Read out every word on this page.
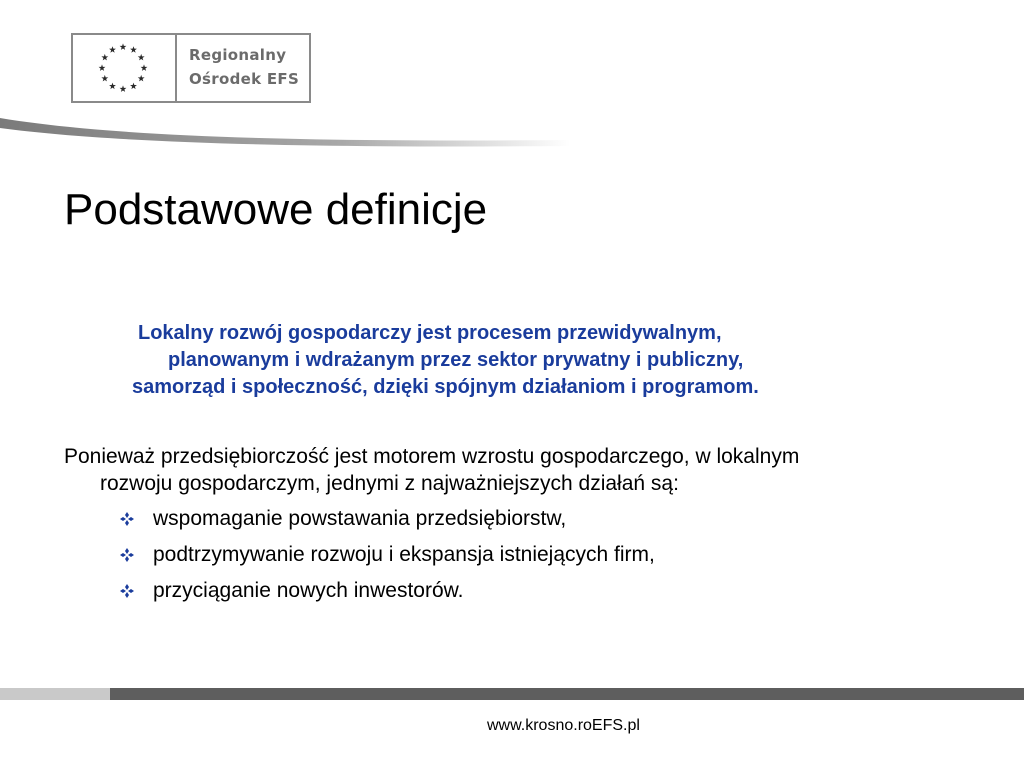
Regionalny
Ośrodek EFS
Podstawowe definicje

Lokalny rozwój gospodarczy jest procesem przewidywalnym,
planowanym i wdrażanym przez sektor prywatny i publiczny,
samorząd i społeczność, dzięki spójnym działaniom i programom.

Ponieważ przedsiębiorczość jest motorem wzrostu gospodarczego, w lokalnym
rozwoju gospodarczym, jednymi z najważniejszych działań są:

wspomaganie powstawania przedsiębiorstw,
podtrzymywanie rozwoju i ekspansja istniejących firm,
przyciąganie nowych inwestorów.
www.krosno.roEFS.pl
